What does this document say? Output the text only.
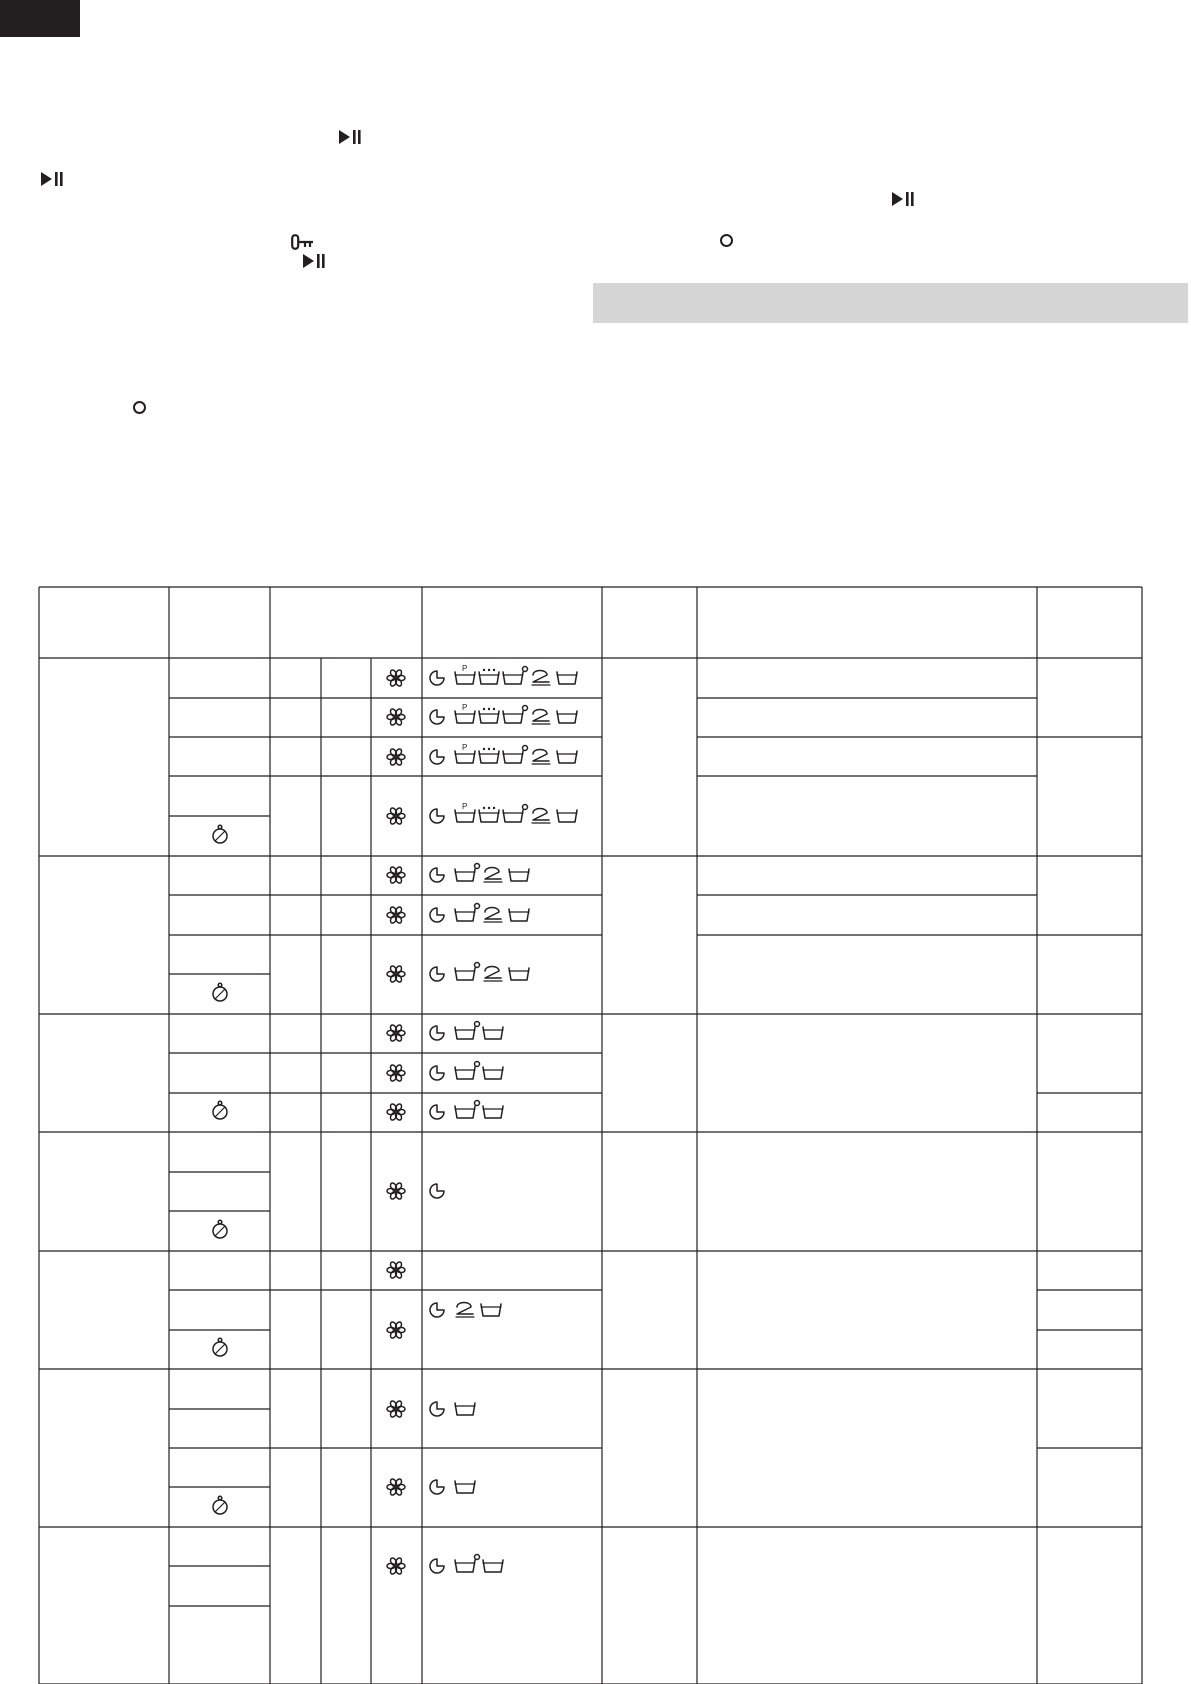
P
P
P
P
